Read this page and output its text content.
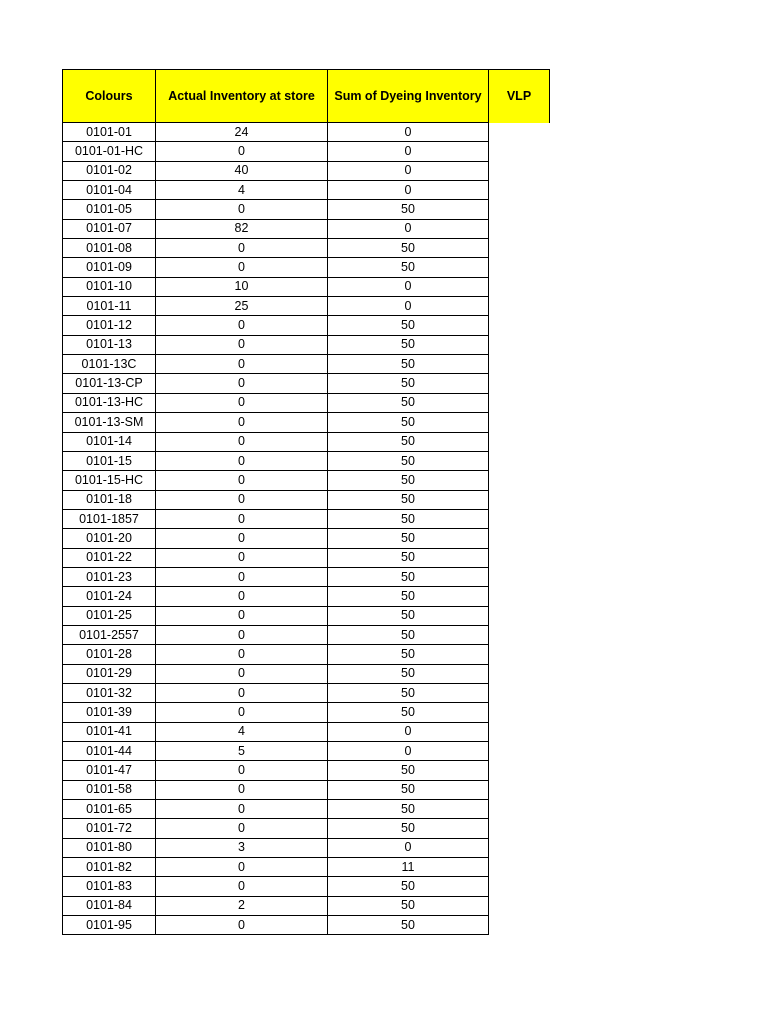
Colours	Actual Inventory at store	Sum of Dyeing Inventory	VLP
0101-01	24	0	
0101-01-HC	0	0	
0101-02	40	0	
0101-04	4	0	
0101-05	0	50	
0101-07	82	0	
0101-08	0	50	
0101-09	0	50	
0101-10	10	0	
0101-11	25	0	
0101-12	0	50	
0101-13	0	50	
0101-13C	0	50	
0101-13-CP	0	50	
0101-13-HC	0	50	
0101-13-SM	0	50	
0101-14	0	50	
0101-15	0	50	
0101-15-HC	0	50	
0101-18	0	50	
0101-1857	0	50	
0101-20	0	50	
0101-22	0	50	
0101-23	0	50	
0101-24	0	50	
0101-25	0	50	
0101-2557	0	50	
0101-28	0	50	
0101-29	0	50	
0101-32	0	50	
0101-39	0	50	
0101-41	4	0	
0101-44	5	0	
0101-47	0	50	
0101-58	0	50	
0101-65	0	50	
0101-72	0	50	
0101-80	3	0	
0101-82	0	11	
0101-83	0	50	
0101-84	2	50	
0101-95	0	50	
